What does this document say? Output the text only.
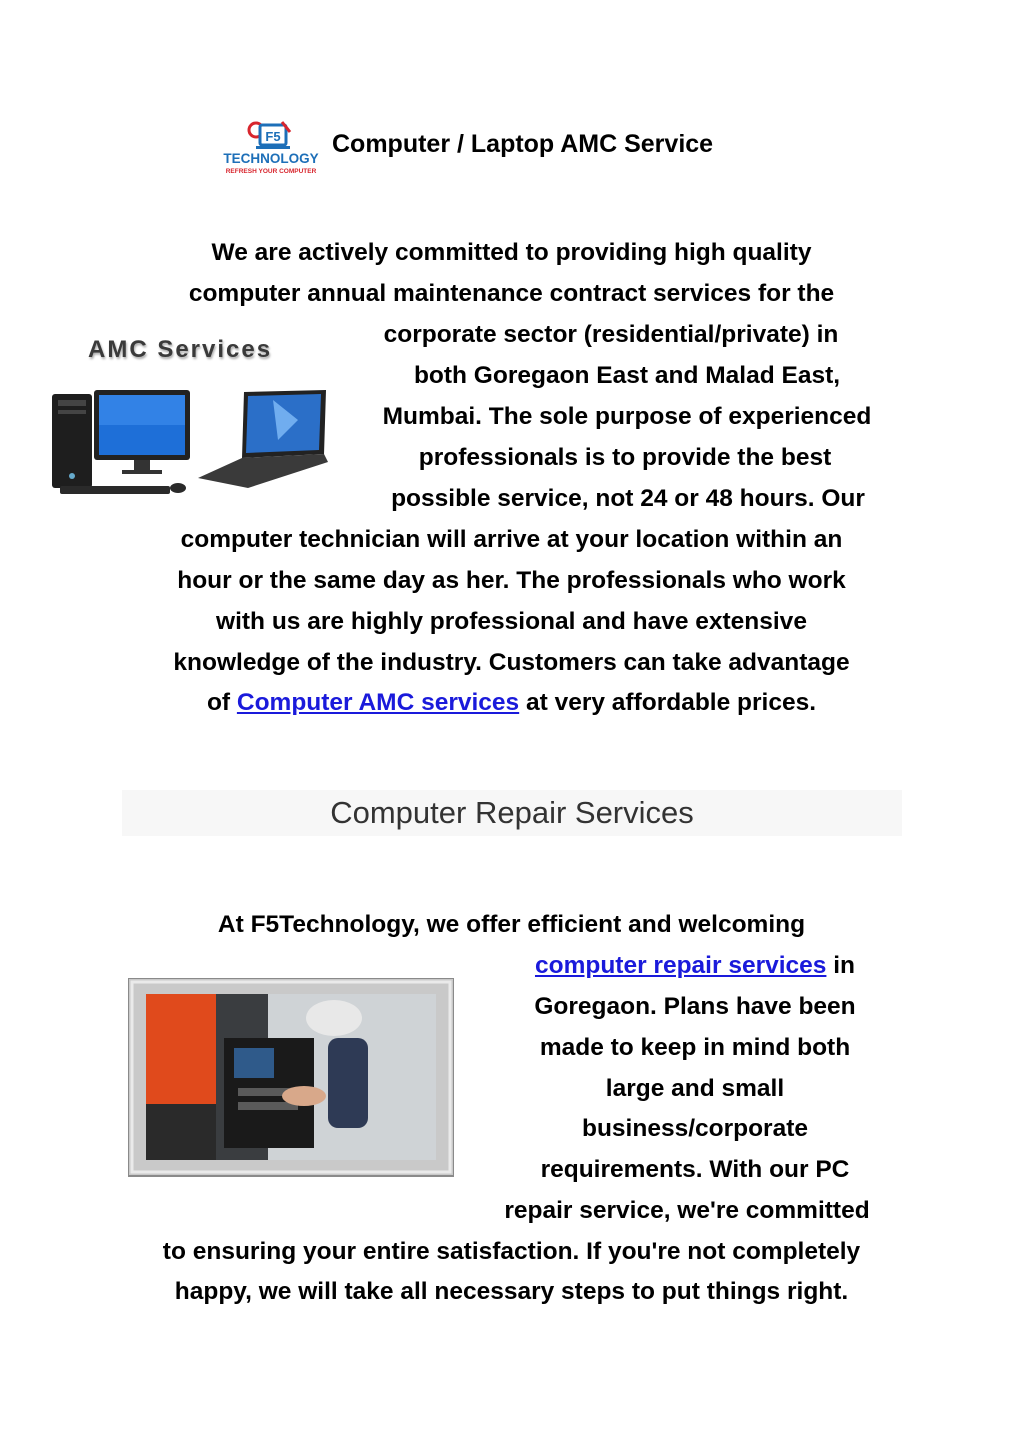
F5
TECHNOLOGY
REFRESH YOUR COMPUTER
Computer / Laptop AMC Service
AMC Services
We are actively committed to providing high quality
computer annual maintenance contract services for the
corporate sector (residential/private) in
both Goregaon East and Malad East,
Mumbai. The sole purpose of experienced
professionals is to provide the best
possible service, not 24 or 48 hours. Our
computer technician will arrive at your location within an
hour or the same day as her. The professionals who work
with us are highly professional and have extensive
knowledge of the industry. Customers can take advantage
of Computer AMC services at very affordable prices.
Computer Repair Services
At F5Technology, we offer efficient and welcoming
computer repair services in
Goregaon. Plans have been
made to keep in mind both
large and small
business/corporate
requirements. With our PC
repair service, we're committed
to ensuring your entire satisfaction. If you're not completely
happy, we will take all necessary steps to put things right.
